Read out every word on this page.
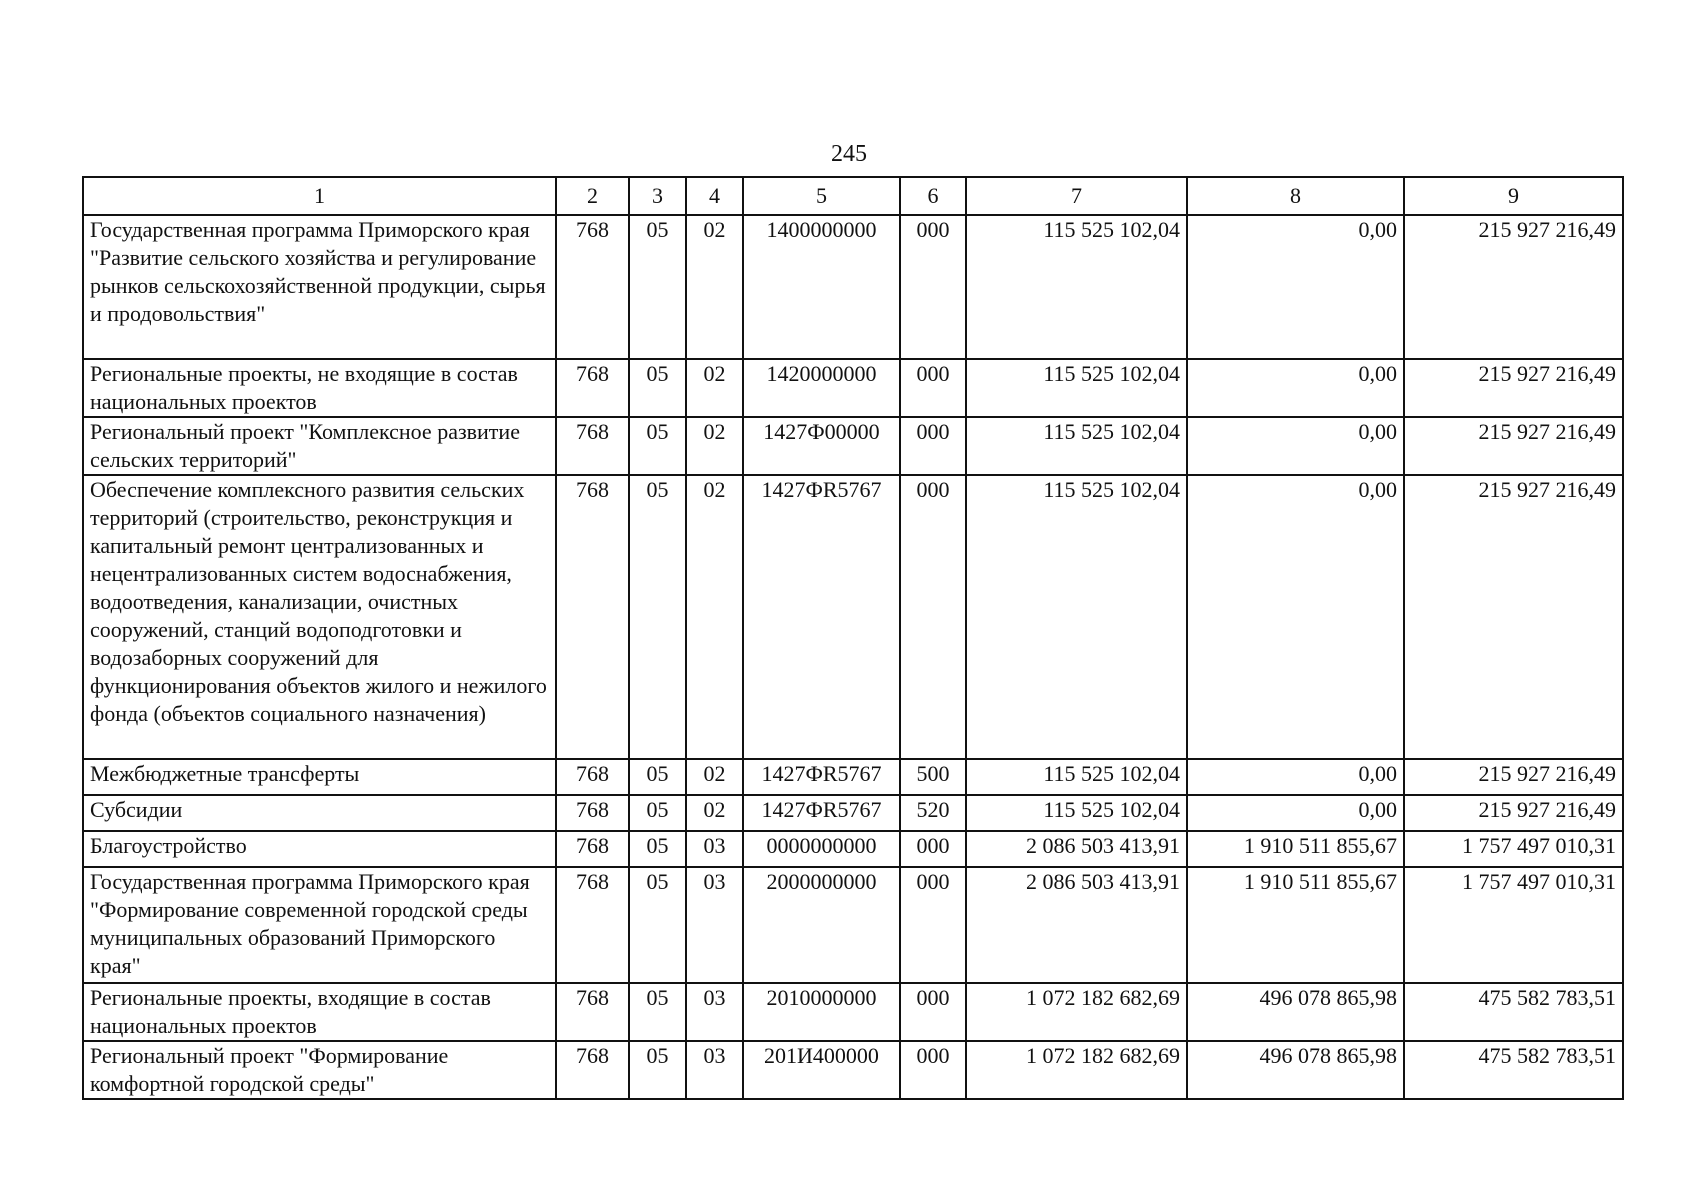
245
1	2	3	4	5	6	7	8	9
Государственная программа Приморского края "Развитие сельского хозяйства и регулирование рынков сельскохозяйственной продукции, сырья и продовольствия"	768	05	02	1400000000	000	115 525 102,04	0,00	215 927 216,49
Региональные проекты, не входящие в состав национальных проектов	768	05	02	1420000000	000	115 525 102,04	0,00	215 927 216,49
Региональный проект "Комплексное развитие сельских территорий"	768	05	02	1427Ф00000	000	115 525 102,04	0,00	215 927 216,49
Обеспечение комплексного развития сельских территорий (строительство, реконструкция и капитальный ремонт централизованных и нецентрализованных систем водоснабжения, водоотведения, канализации, очистных сооружений, станций водоподготовки и водозаборных сооружений для функционирования объектов жилого и нежилого фонда (объектов социального назначения)	768	05	02	1427ФR5767	000	115 525 102,04	0,00	215 927 216,49
Межбюджетные трансферты	768	05	02	1427ФR5767	500	115 525 102,04	0,00	215 927 216,49
Субсидии	768	05	02	1427ФR5767	520	115 525 102,04	0,00	215 927 216,49
Благоустройство	768	05	03	0000000000	000	2 086 503 413,91	1 910 511 855,67	1 757 497 010,31
Государственная программа Приморского края "Формирование современной городской среды муниципальных образований Приморского края"	768	05	03	2000000000	000	2 086 503 413,91	1 910 511 855,67	1 757 497 010,31
Региональные проекты, входящие в состав национальных проектов	768	05	03	2010000000	000	1 072 182 682,69	496 078 865,98	475 582 783,51
Региональный проект "Формирование комфортной городской среды"	768	05	03	201И400000	000	1 072 182 682,69	496 078 865,98	475 582 783,51
